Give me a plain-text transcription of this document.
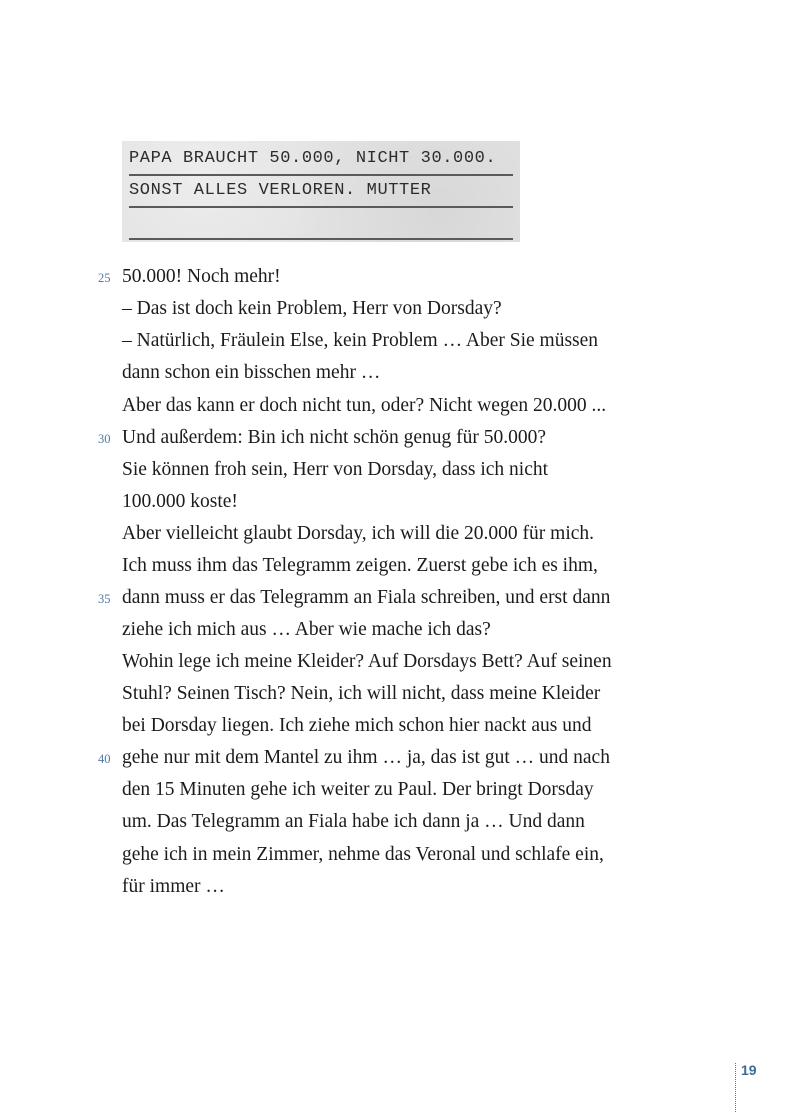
PAPA BRAUCHT 50.000, NICHT 30.000.
SONST ALLES VERLOREN. MUTTER
50.000! Noch mehr!
– Das ist doch kein Problem, Herr von Dorsday?
– Natürlich, Fräulein Else, kein Problem … Aber Sie müssen
dann schon ein bisschen mehr …
Aber das kann er doch nicht tun, oder? Nicht wegen 20.000 ...
Und außerdem: Bin ich nicht schön genug für 50.000?
Sie können froh sein, Herr von Dorsday, dass ich nicht
100.000 koste!
Aber vielleicht glaubt Dorsday, ich will die 20.000 für mich.
Ich muss ihm das Telegramm zeigen. Zuerst gebe ich es ihm,
dann muss er das Telegramm an Fiala schreiben, und erst dann
ziehe ich mich aus … Aber wie mache ich das?
Wohin lege ich meine Kleider? Auf Dorsdays Bett? Auf seinen
Stuhl? Seinen Tisch? Nein, ich will nicht, dass meine Kleider
bei Dorsday liegen. Ich ziehe mich schon hier nackt aus und
gehe nur mit dem Mantel zu ihm … ja, das ist gut … und nach
den 15 Minuten gehe ich weiter zu Paul. Der bringt Dorsday
um. Das Telegramm an Fiala habe ich dann ja … Und dann
gehe ich in mein Zimmer, nehme das Veronal und schlafe ein,
für immer …
25
30
35
40
19
